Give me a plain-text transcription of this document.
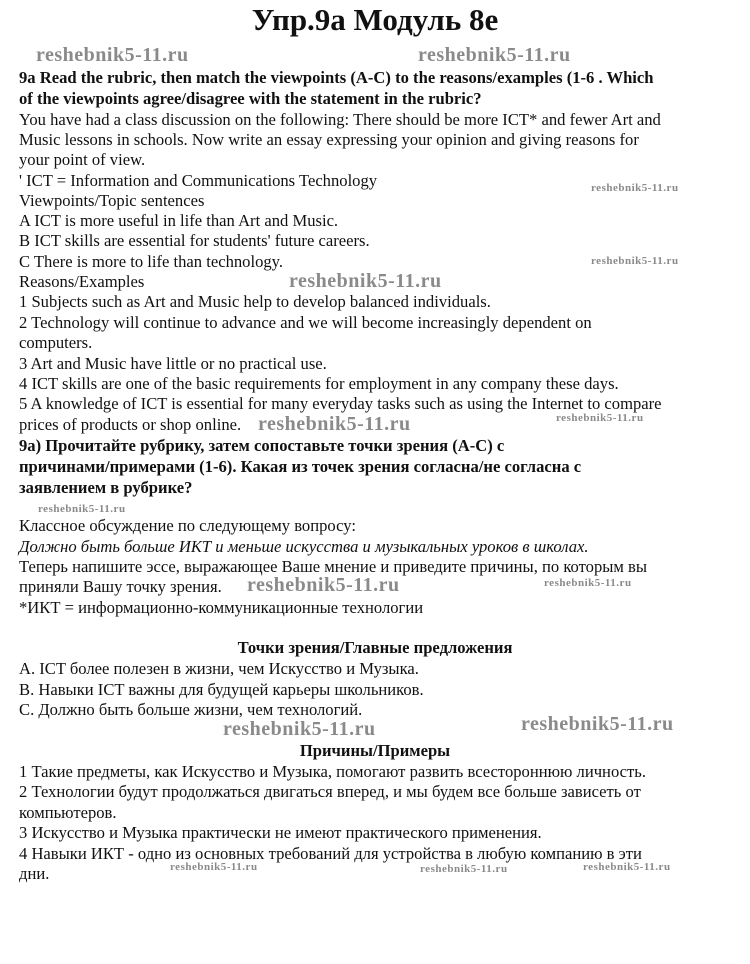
Упр.9а Модуль 8е
9a Read the rubric, then match the viewpoints (A-C) to the reasons/examples (1-6 . Which
of the viewpoints agree/disagree with the statement in the rubric?
You have had a class discussion on the following: There should be more ICT* and fewer Art and
Music lessons in schools. Now write an essay expressing your opinion and giving reasons for
your point of view.
' ICT = Information and Communications Technology
Viewpoints/Topic sentences
A ICT is more useful in life than Art and Music.
B ICT skills are essential for students' future careers.
C There is more to life than technology.
Reasons/Examples
1 Subjects such as Art and Music help to develop balanced individuals.
2 Technology will continue to advance and we will become increasingly dependent on
computers.
3 Art and Music have little or no practical use.
4 ICT skills are one of the basic requirements for employment in any company these days.
5 A knowledge of ICT is essential for many everyday tasks such as using the Internet to compare
prices of products or shop online.
9а) Прочитайте рубрику, затем сопоставьте точки зрения (A-C) с
причинами/примерами (1-6). Какая из точек зрения согласна/не согласна с
заявлением в рубрике?
Классное обсуждение по следующему вопросу:
Должно быть больше ИКТ и меньше искусства и музыкальных уроков в школах.
Теперь напишите эссе, выражающее Ваше мнение и приведите причины, по которым вы
приняли Вашу точку зрения.
*ИКТ = информационно-коммуникационные технологии
Точки зрения/Главные предложения
A. ICT более полезен в жизни, чем Искусство и Музыка.
B. Навыки ICT важны для будущей карьеры школьников.
C. Должно быть больше жизни, чем технологий.
Причины/Примеры
1 Такие предметы, как Искусство и Музыка, помогают развить всестороннюю личность.
2 Технологии будут продолжаться двигаться вперед, и мы будем все больше зависеть от
компьютеров.
3 Искусство и Музыка практически не имеют практического применения.
4 Навыки ИКТ - одно из основных требований для устройства в любую компанию в эти
дни.
reshebnik5-11.ru	reshebnik5-11.ru
reshebnik5-11.ru
reshebnik5-11.ru
reshebnik5-11.ru
reshebnik5-11.ru
reshebnik5-11.ru
reshebnik5-11.ru
reshebnik5-11.ru	reshebnik5-11.ru
reshebnik5-11.ru	reshebnik5-11.ru
reshebnik5-11.ru	reshebnik5-11.ru	reshebnik5-11.ru
